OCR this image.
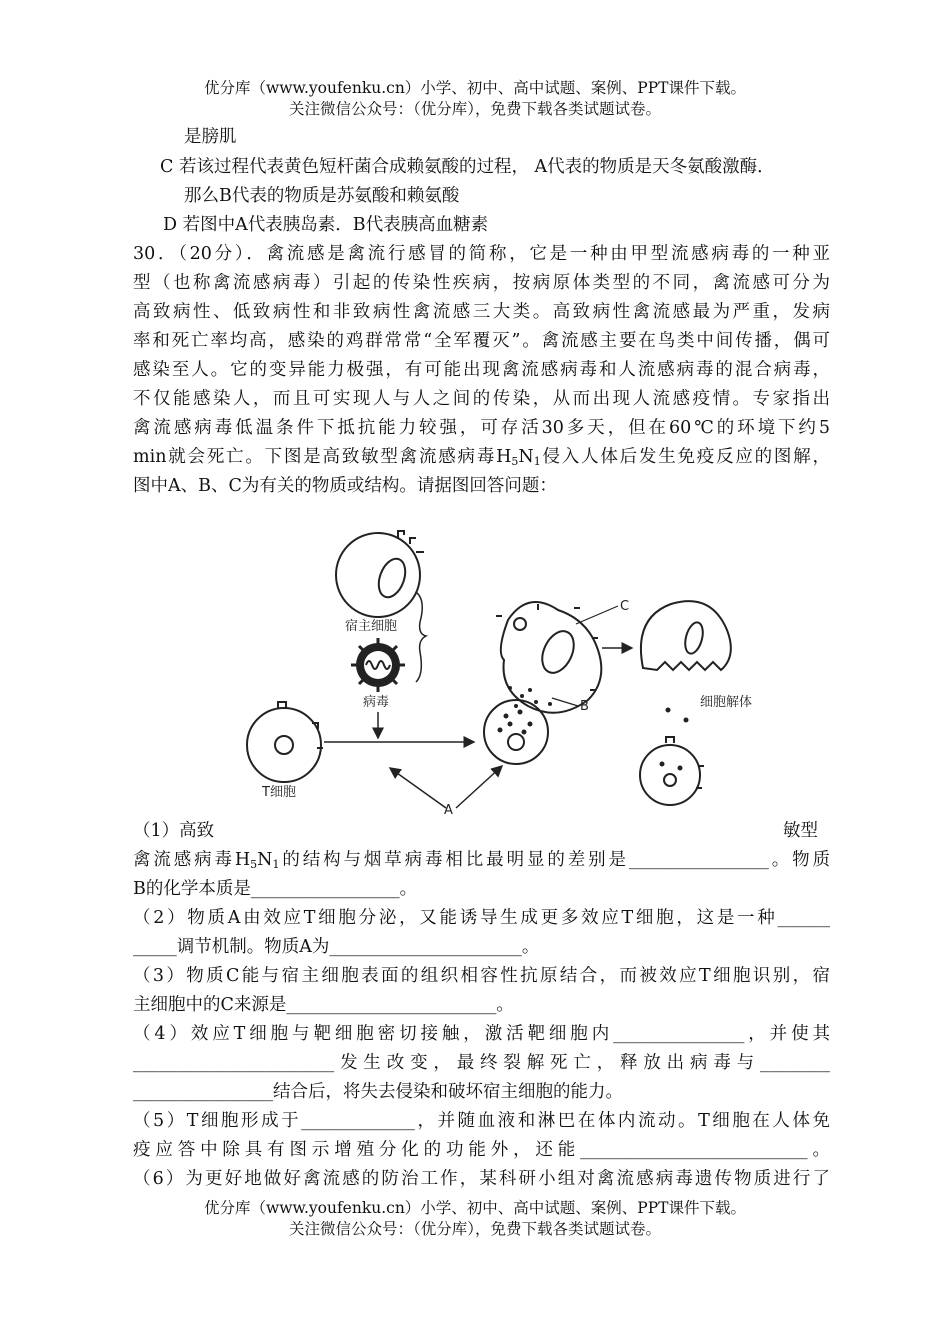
优分库（www.youfenku.cn）小学、初中、高中试题、案例、PPT课件下载。
关注微信公众号：（优分库），免费下载各类试题试卷。
是膀肌
C 若该过程代表黄色短杆菌合成赖氨酸的过程， A代表的物质是天冬氨酸激酶．
那么B代表的物质是苏氨酸和赖氨酸
D 若图中A代表胰岛素．B代表胰高血糖素
30．（20分）．禽流感是禽流行感冒的简称，它是一种由甲型流感病毒的一种亚
型（也称禽流感病毒）引起的传染性疾病，按病原体类型的不同，禽流感可分为
高致病性、低致病性和非致病性禽流感三大类。高致病性禽流感最为严重，发病
率和死亡率均高，感染的鸡群常常“全军覆灭”。禽流感主要在鸟类中间传播，偶可
感染至人。它的变异能力极强，有可能出现禽流感病毒和人流感病毒的混合病毒，
不仅能感染人，而且可实现人与人之间的传染，从而出现人流感疫情。专家指出
禽流感病毒低温条件下抵抗能力较强，可存活30多天，但在60℃的环境下约5
min就会死亡。下图是高致敏型禽流感病毒$H_5N_1$侵入人体后发生免疫反应的图解，
图中A、B、C为有关的物质或结构。请据图回答问题：
宿主细胞
病毒
T细胞
C
B	细胞解体
A
（1）高致	敏型
禽流感病毒$H_5N_1$的结构与烟草病毒相比最明显的差别是________________。物质
B的化学本质是_________________。
（2）物质A由效应T细胞分泌，又能诱导生成更多效应T细胞，这是一种______
_____调节机制。物质A为______________________。
（3）物质C能与宿主细胞表面的组织相容性抗原结合，而被效应T细胞识别，宿
主细胞中的C来源是________________________。
（4）效应T细胞与靶细胞密切接触，激活靶细胞内_______________，并使其
_______________________发生改变，最终裂解死亡，释放出病毒与________
________________结合后，将失去侵染和破坏宿主细胞的能力。
（5）T细胞形成于_____________，并随血液和淋巴在体内流动。T细胞在人体免
疫应答中除具有图示增殖分化的功能外，还能__________________________。
（6）为更好地做好禽流感的防治工作，某科研小组对禽流感病毒遗传物质进行了
优分库（www.youfenku.cn）小学、初中、高中试题、案例、PPT课件下载。
关注微信公众号：（优分库），免费下载各类试题试卷。
